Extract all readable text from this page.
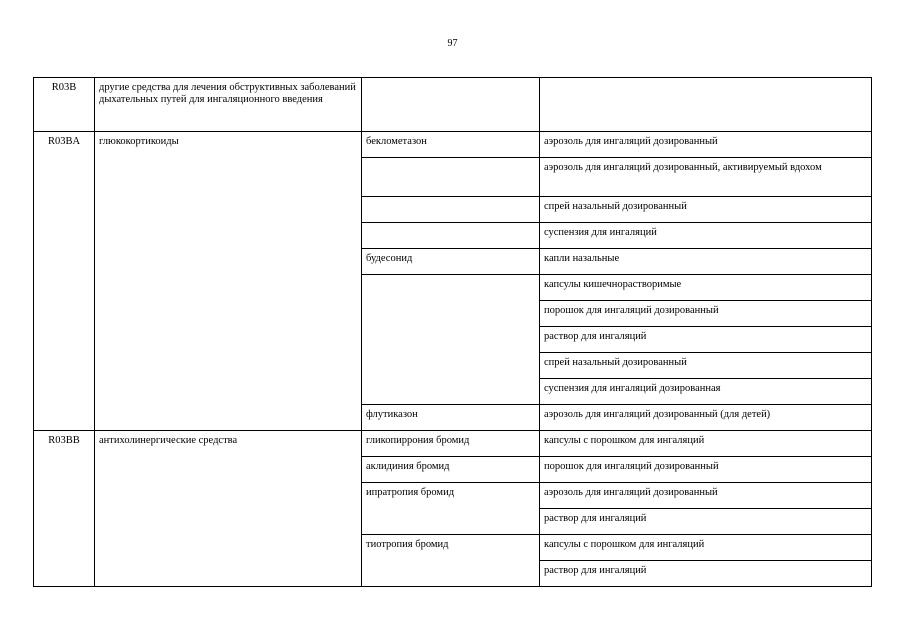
97
R03B	другие средства для лечения обструктивных заболеваний дыхательных путей для ингаляционного введения		
R03BA	глюкокортикоиды	беклометазон	аэрозоль для ингаляций дозированный
			аэрозоль для ингаляций дозированный, активируемый вдохом
			спрей назальный дозированный
			суспензия для ингаляций
		будесонид	капли назальные
			капсулы кишечнорастворимые
			порошок для ингаляций дозированный
			раствор для ингаляций
			спрей назальный дозированный
			суспензия для ингаляций дозированная
		флутиказон	аэрозоль для ингаляций дозированный (для детей)
R03BB	антихолинергические средства	гликопиррония бромид	капсулы с порошком для ингаляций
		аклидиния бромид	порошок для ингаляций дозированный
		ипратропия бромид	аэрозоль для ингаляций дозированный
			раствор для ингаляций
		тиотропия бромид	капсулы с порошком для ингаляций
			раствор для ингаляций
